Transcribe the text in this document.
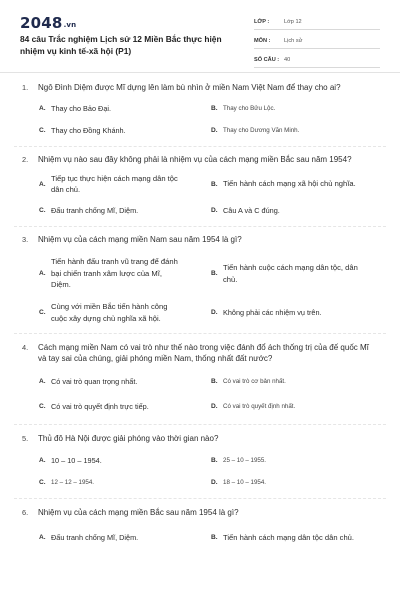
2048.vn
84 câu Trắc nghiệm Lịch sử 12 Miền Bắc thực hiện nhiệm vụ kinh tế-xã hội (P1)
LỚP :	Lớp 12
MÔN :	Lịch sử
SỐ CÂU : 40
1.	Ngô Đình Diệm được Mĩ dựng lên làm bù nhìn ở miền Nam Việt Nam để thay cho ai?
A. Thay cho Bảo Đại.	B. Thay cho Bửu Lộc.
C. Thay cho Đồng Khánh.	D. Thay cho Dương Văn Minh.
2.	Nhiệm vụ nào sau đây không phải là nhiệm vụ của cách mạng miền Bắc sau năm 1954?
A.
Tiếp tục thực hiện cách mạng dân tộc dân chủ.
B. Tiến hành cách mạng xã hội chủ nghĩa.
C. Đấu tranh chống Mĩ, Diệm.	D. Câu A và C đúng.
3.	Nhiệm vụ của cách mạng miền Nam sau năm 1954 là gì?
A.
Tiến hành đấu tranh vũ trang để đánh bại chiến tranh xâm lược của Mĩ, Diệm.
B.
Tiến hành cuộc cách mạng dân tộc, dân chủ.
C.
Cùng với miền Bắc tiến hành công cuộc xây dựng chủ nghĩa xã hội.
D. Không phải các nhiệm vụ trên.
4.	Cách mạng miền Nam có vai trò như thế nào trong việc đánh đổ ách thống trị của đế quốc Mĩ và tay sai của chúng, giải phóng miền Nam, thống nhất đất nước?
A. Có vai trò quan trọng nhất.	B. Có vai trò cơ bản nhất.
C. Có vai trò quyết định trực tiếp.	D. Có vai trò quyết định nhất.
5.	Thủ đô Hà Nội được giải phóng vào thời gian nào?
A. 10 – 10 – 1954.	B. 25 – 10 – 1955.
C. 12 – 12 – 1954.	D. 18 – 10 – 1954.
6.	Nhiệm vụ của cách mạng miền Bắc sau năm 1954 là gì?
A. Đấu tranh chống Mĩ, Diệm.	B. Tiến hành cách mạng dân tộc dân chủ.
